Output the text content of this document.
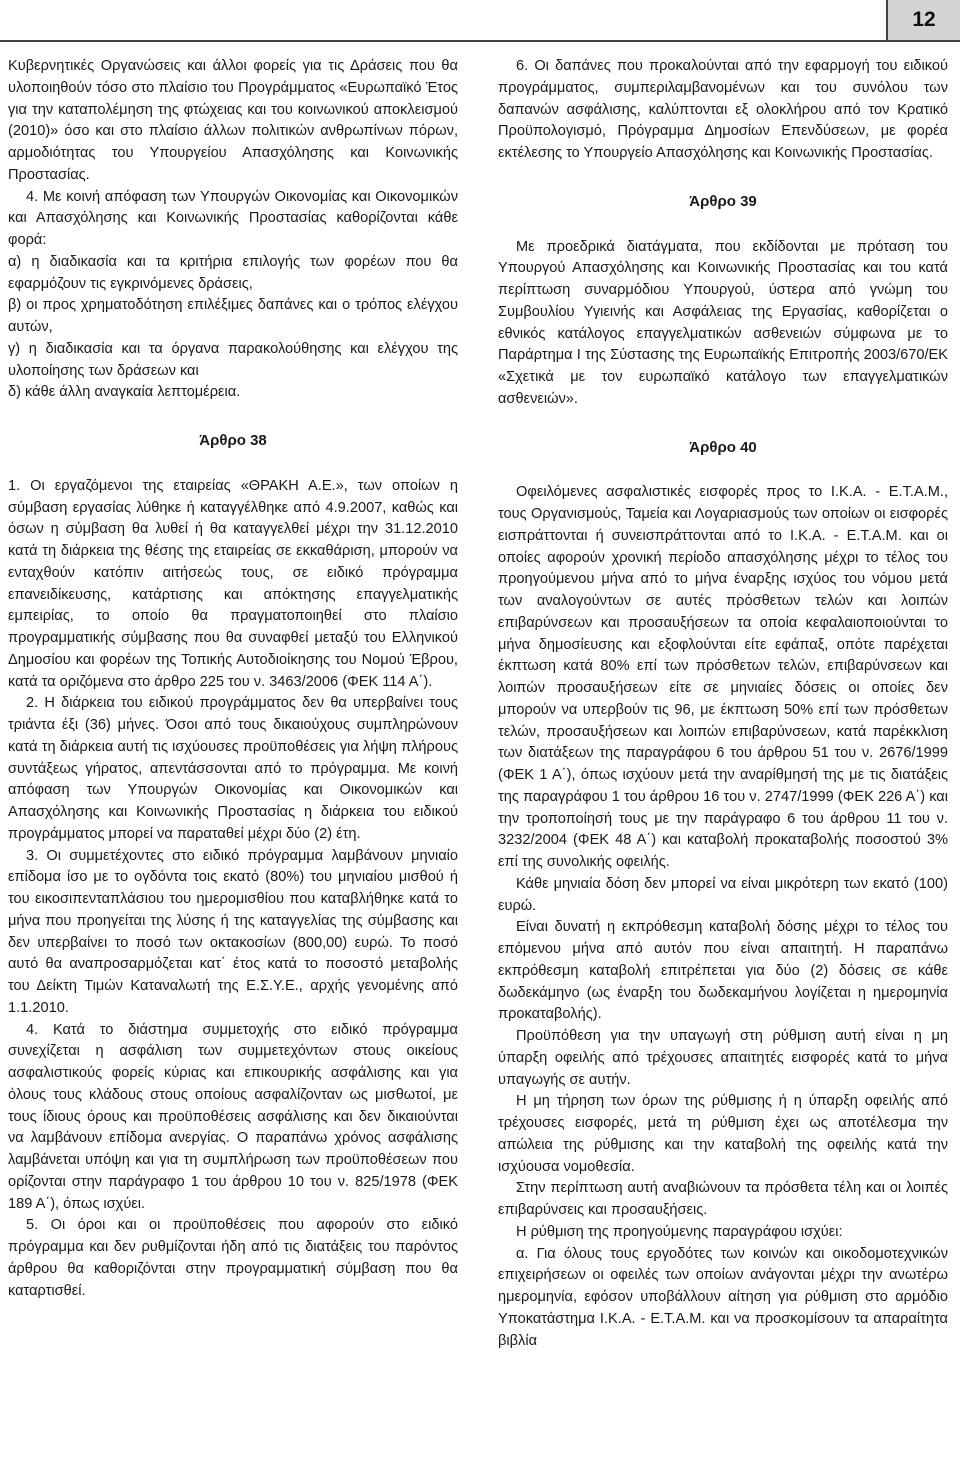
12

Κυβερνητικές Οργανώσεις και άλλοι φορείς για τις Δράσεις που θα υλοποιηθούν τόσο στο πλαίσιο του Προγράμματος «Ευρωπαϊκό Έτος για την καταπολέμηση της φτώχειας και του κοινωνικού αποκλεισμού (2010)» όσο και στο πλαίσιο άλλων πολιτικών ανθρωπίνων πόρων, αρμοδιότητας του Υπουργείου Απασχόλησης και Κοινωνικής Προστασίας.

4. Με κοινή απόφαση των Υπουργών Οικονομίας και Οικονομικών και Απασχόλησης και Κοινωνικής Προστασίας καθορίζονται κάθε φορά:

α) η διαδικασία και τα κριτήρια επιλογής των φορέων που θα εφαρμόζουν τις εγκρινόμενες δράσεις,

β) οι προς χρηματοδότηση επιλέξιμες δαπάνες και ο τρόπος ελέγχου αυτών,

γ) η διαδικασία και τα όργανα παρακολούθησης και ελέγχου της υλοποίησης των δράσεων και

δ) κάθε άλλη αναγκαία λεπτομέρεια.

Άρθρο 38

1. Οι εργαζόμενοι της εταιρείας «ΘΡΑΚΗ Α.Ε.», των οποίων η σύμβαση εργασίας λύθηκε ή καταγγέλθηκε από 4.9.2007, καθώς και όσων η σύμβαση θα λυθεί ή θα καταγγελθεί μέχρι την 31.12.2010 κατά τη διάρκεια της θέσης της εταιρείας σε εκκαθάριση, μπορούν να ενταχθούν κατόπιν αιτήσεώς τους, σε ειδικό πρόγραμμα επανειδίκευσης, κατάρτισης και απόκτησης επαγγελματικής εμπειρίας, το οποίο θα πραγματοποιηθεί στο πλαίσιο προγραμματικής σύμβασης που θα συναφθεί μεταξύ του Ελληνικού Δημοσίου και φορέων της Τοπικής Αυτοδιοίκησης του Νομού Έβρου, κατά τα οριζόμενα στο άρθρο 225 του ν. 3463/2006 (ΦΕΚ 114 Α΄).

2. Η διάρκεια του ειδικού προγράμματος δεν θα υπερβαίνει τους τριάντα έξι (36) μήνες. Όσοι από τους δικαιούχους συμπληρώνουν κατά τη διάρκεια αυτή τις ισχύουσες προϋποθέσεις για λήψη πλήρους συντάξεως γήρατος, απεντάσσονται από το πρόγραμμα. Με κοινή απόφαση των Υπουργών Οικονομίας και Οικονομικών και Απασχόλησης και Κοινωνικής Προστασίας η διάρκεια του ειδικού προγράμματος μπορεί να παραταθεί μέχρι δύο (2) έτη.

3. Οι συμμετέχοντες στο ειδικό πρόγραμμα λαμβάνουν μηνιαίο επίδομα ίσο με το ογδόντα τοις εκατό (80%) του μηνιαίου μισθού ή του εικοσιπενταπλάσιου του ημερομισθίου που καταβλήθηκε κατά το μήνα που προηγείται της λύσης ή της καταγγελίας της σύμβασης και δεν υπερβαίνει το ποσό των οκτακοσίων (800,00) ευρώ. Το ποσό αυτό θα αναπροσαρμόζεται κατ΄ έτος κατά το ποσοστό μεταβολής του Δείκτη Τιμών Καταναλωτή της Ε.Σ.Υ.Ε., αρχής γενομένης από 1.1.2010.

4. Κατά το διάστημα συμμετοχής στο ειδικό πρόγραμμα συνεχίζεται η ασφάλιση των συμμετεχόντων στους οικείους ασφαλιστικούς φορείς κύριας και επικουρικής ασφάλισης και για όλους τους κλάδους στους οποίους ασφαλίζονταν ως μισθωτοί, με τους ίδιους όρους και προϋποθέσεις ασφάλισης και δεν δικαιούνται να λαμβάνουν επίδομα ανεργίας. Ο παραπάνω χρόνος ασφάλισης λαμβάνεται υπόψη και για τη συμπλήρωση των προϋποθέσεων που ορίζονται στην παράγραφο 1 του άρθρου 10 του ν. 825/1978 (ΦΕΚ 189 Α΄), όπως ισχύει.

5. Οι όροι και οι προϋποθέσεις που αφορούν στο ειδικό πρόγραμμα και δεν ρυθμίζονται ήδη από τις διατάξεις του παρόντος άρθρου θα καθοριζόνται στην προγραμματική σύμβαση που θα καταρτισθεί.

6. Οι δαπάνες που προκαλούνται από την εφαρμογή του ειδικού προγράμματος, συμπεριλαμβανομένων και του συνόλου των δαπανών ασφάλισης, καλύπτονται εξ ολοκλήρου από τον Κρατικό Προϋπολογισμό, Πρόγραμμα Δημοσίων Επενδύσεων, με φορέα εκτέλεσης το Υπουργείο Απασχόλησης και Κοινωνικής Προστασίας.

Άρθρο 39

Με προεδρικά διατάγματα, που εκδίδονται με πρόταση του Υπουργού Απασχόλησης και Κοινωνικής Προστασίας και του κατά περίπτωση συναρμόδιου Υπουργού, ύστερα από γνώμη του Συμβουλίου Υγιεινής και Ασφάλειας της Εργασίας, καθορίζεται ο εθνικός κατάλογος επαγγελματικών ασθενειών σύμφωνα με το Παράρτημα Ι της Σύστασης της Ευρωπαϊκής Επιτροπής 2003/670/ΕΚ «Σχετικά με τον ευρωπαϊκό κατάλογο των επαγγελματικών ασθενειών».

Άρθρο 40

Οφειλόμενες ασφαλιστικές εισφορές προς το Ι.Κ.Α. - Ε.Τ.Α.Μ., τους Οργανισμούς, Ταμεία και Λογαριασμούς των οποίων οι εισφορές εισπράττονται ή συνεισπράττονται από το Ι.Κ.Α. - Ε.Τ.Α.Μ. και οι οποίες αφορούν χρονική περίοδο απασχόλησης μέχρι το τέλος του προηγούμενου μήνα από το μήνα έναρξης ισχύος του νόμου μετά των αναλογούντων σε αυτές πρόσθετων τελών και λοιπών επιβαρύνσεων και προσαυξήσεων τα οποία κεφαλαιοποιούνται το μήνα δημοσίευσης και εξοφλούνται είτε εφάπαξ, οπότε παρέχεται έκπτωση κατά 80% επί των πρόσθετων τελών, επιβαρύνσεων και λοιπών προσαυξήσεων είτε σε μηνιαίες δόσεις οι οποίες δεν μπορούν να υπερβούν τις 96, με έκπτωση 50% επί των πρόσθετων τελών, προσαυξήσεων και λοιπών επιβαρύνσεων, κατά παρέκκλιση των διατάξεων της παραγράφου 6 του άρθρου 51 του ν. 2676/1999 (ΦΕΚ 1 Α΄), όπως ισχύουν μετά την αναρίθμησή της με τις διατάξεις της παραγράφου 1 του άρθρου 16 του ν. 2747/1999 (ΦΕΚ 226 Α΄) και την τροποποίησή τους με την παράγραφο 6 του άρθρου 11 του ν. 3232/2004 (ΦΕΚ 48 Α΄) και καταβολή προκαταβολής ποσοστού 3% επί της συνολικής οφειλής.

Κάθε μηνιαία δόση δεν μπορεί να είναι μικρότερη των εκατό (100) ευρώ.

Είναι δυνατή η εκπρόθεσμη καταβολή δόσης μέχρι το τέλος του επόμενου μήνα από αυτόν που είναι απαιτητή. Η παραπάνω εκπρόθεσμη καταβολή επιτρέπεται για δύο (2) δόσεις σε κάθε δωδεκάμηνο (ως έναρξη του δωδεκαμήνου λογίζεται η ημερομηνία προκαταβολής).

Προϋπόθεση για την υπαγωγή στη ρύθμιση αυτή είναι η μη ύπαρξη οφειλής από τρέχουσες απαιτητές εισφορές κατά το μήνα υπαγωγής σε αυτήν.

Η μη τήρηση των όρων της ρύθμισης ή η ύπαρξη οφειλής από τρέχουσες εισφορές, μετά τη ρύθμιση έχει ως αποτέλεσμα την απώλεια της ρύθμισης και την καταβολή της οφειλής κατά την ισχύουσα νομοθεσία.

Στην περίπτωση αυτή αναβιώνουν τα πρόσθετα τέλη και οι λοιπές επιβαρύνσεις και προσαυξήσεις.

Η ρύθμιση της προηγούμενης παραγράφου ισχύει:

α. Για όλους τους εργοδότες των κοινών και οικοδομοτεχνικών επιχειρήσεων οι οφειλές των οποίων ανάγονται μέχρι την ανωτέρω ημερομηνία, εφόσον υποβάλλουν αίτηση για ρύθμιση στο αρμόδιο Υποκατάστημα Ι.Κ.Α. - Ε.Τ.Α.Μ. και να προσκομίσουν τα απαραίτητα βιβλία
